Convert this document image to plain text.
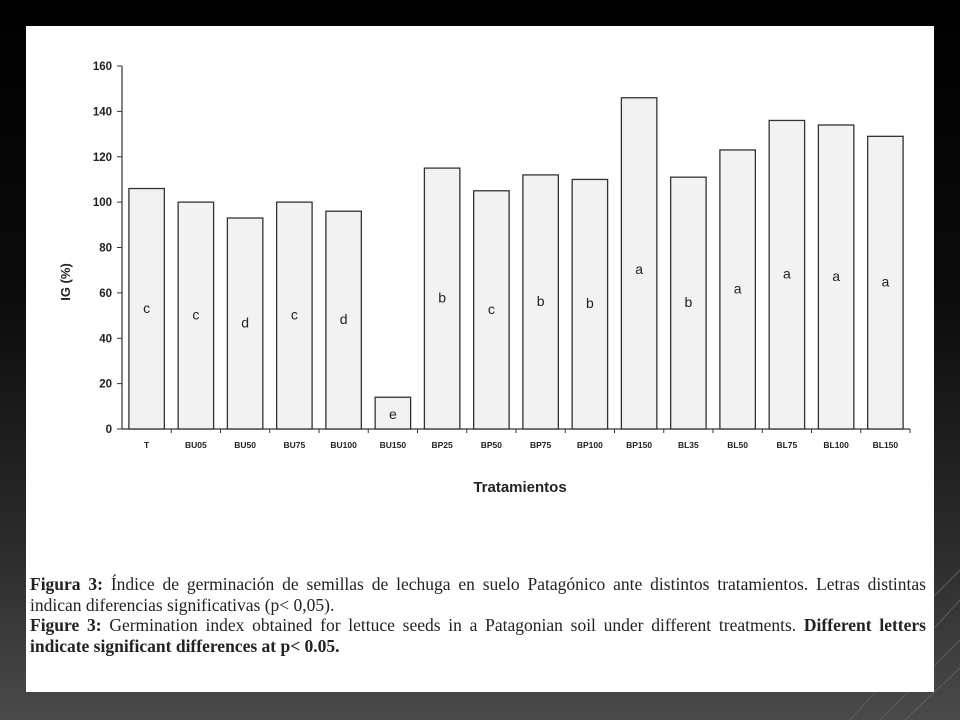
0
20
40
60
80
100
120
140
160
c
T
c
BU05
d
BU50
c
BU75
d
BU100
e
BU150
b
BP25
c
BP50
b
BP75
b
BP100
a
BP150
b
BL35
a
BL50
a
BL75
a
BL100
a
BL150
IG (%)
Tratamientos

Figura 3: Índice de germinación de semillas de lechuga en suelo Patagónico ante distintos tratamientos. Letras distintas indican diferencias significativas (p< 0,05).

Figure 3: Germination index obtained for lettuce seeds in a Patagonian soil under different treatments. Different letters indicate significant differences at p< 0.05.
